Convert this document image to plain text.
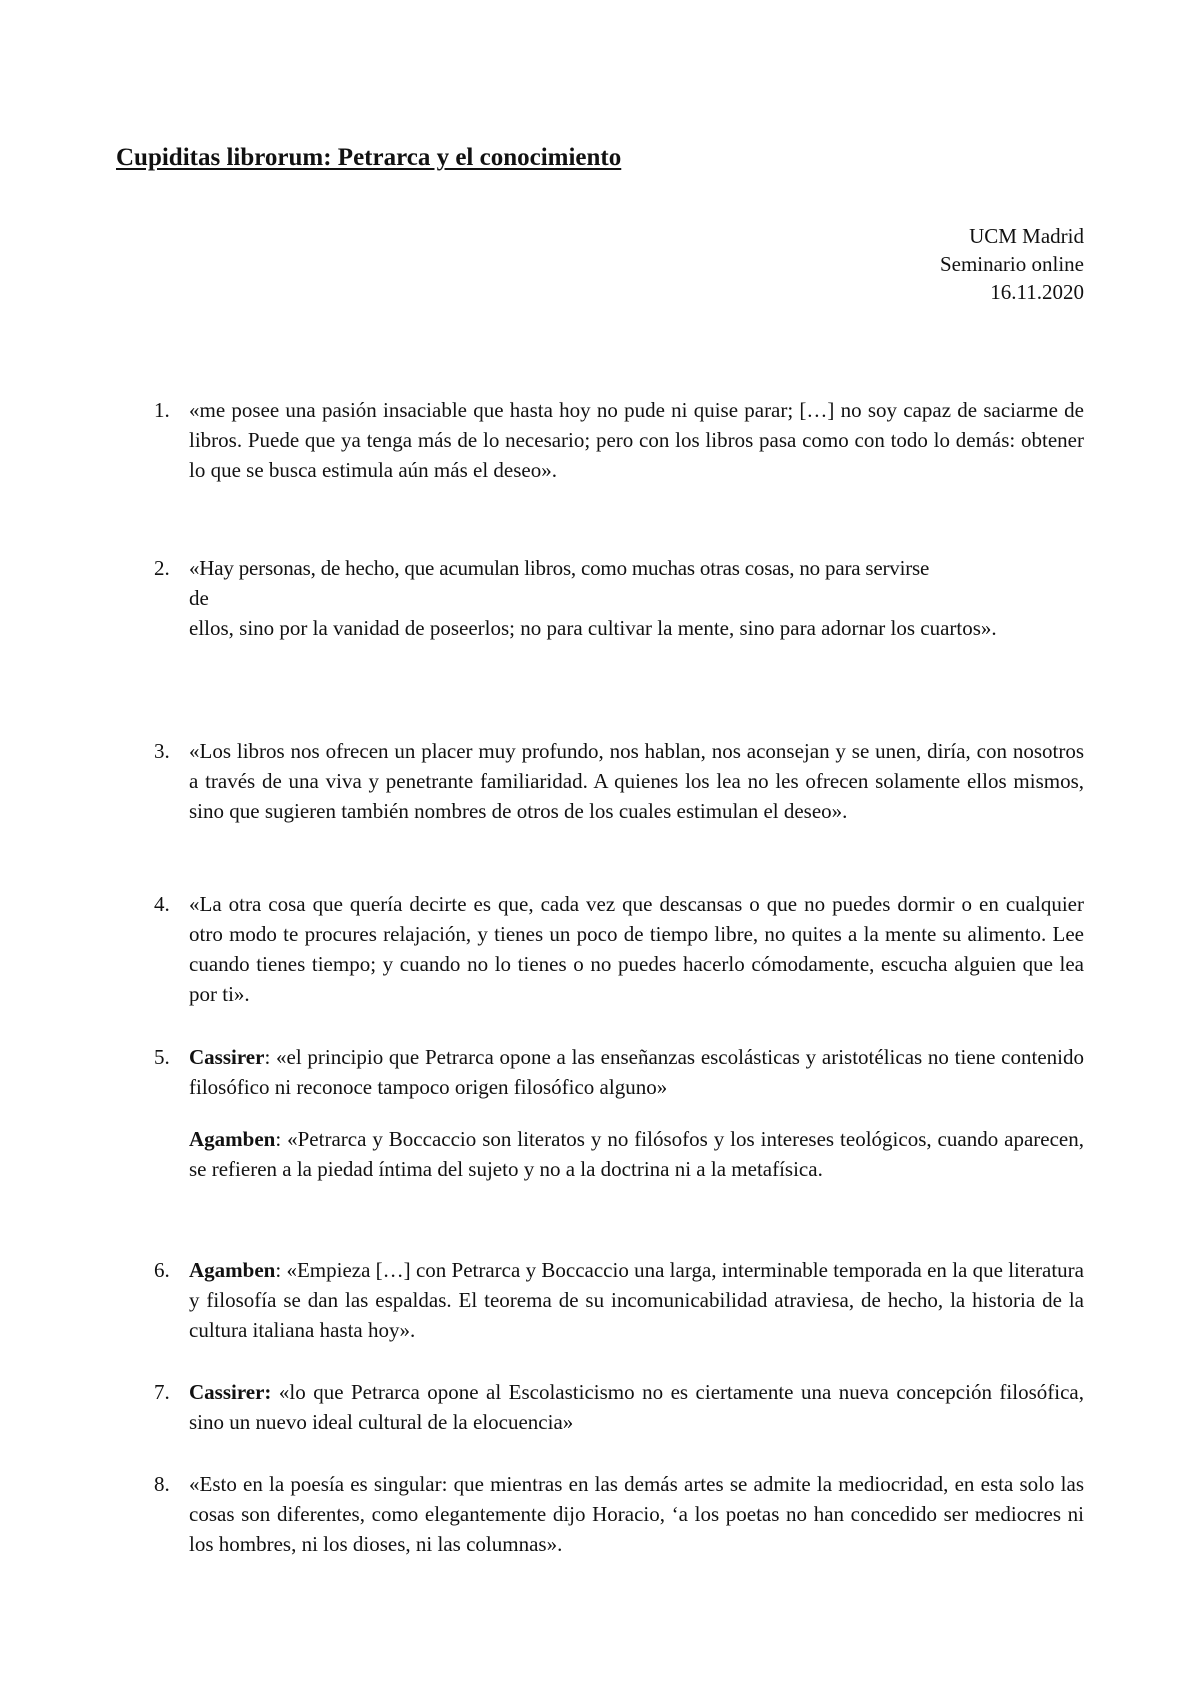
Cupiditas librorum: Petrarca y el conocimiento
UCM Madrid
Seminario online
16.11.2020
1. «me posee una pasión insaciable que hasta hoy no pude ni quise parar; […] no soy capaz de saciarme de libros. Puede que ya tenga más de lo necesario; pero con los libros pasa como con todo lo demás: obtener lo que se busca estimula aún más el deseo».

2. «Hay personas, de hecho, que acumulan libros, como muchas otras cosas, no para servirse
de

ellos, sino por la vanidad de poseerlos; no para cultivar la mente, sino para adornar los cuartos».

3. «Los libros nos ofrecen un placer muy profundo, nos hablan, nos aconsejan y se unen, diría, con nosotros a través de una viva y penetrante familiaridad. A quienes los lea no les ofrecen solamente ellos mismos, sino que sugieren también nombres de otros de los cuales estimulan el deseo».

4. «La otra cosa que quería decirte es que, cada vez que descansas o que no puedes dormir o en cualquier otro modo te procures relajación, y tienes un poco de tiempo libre, no quites a la mente su alimento. Lee cuando tienes tiempo; y cuando no lo tienes o no puedes hacerlo cómodamente, escucha alguien que lea por ti».

5. Cassirer: «el principio que Petrarca opone a las enseñanzas escolásticas y aristotélicas no tiene contenido filosófico ni reconoce tampoco origen filosófico alguno»

Agamben: «Petrarca y Boccaccio son literatos y no filósofos y los intereses teológicos, cuando aparecen, se refieren a la piedad íntima del sujeto y no a la doctrina ni a la metafísica.

6. Agamben: «Empieza […] con Petrarca y Boccaccio una larga, interminable temporada en la que literatura y filosofía se dan las espaldas. El teorema de su incomunicabilidad atraviesa, de hecho, la historia de la cultura italiana hasta hoy».

7. Cassirer: «lo que Petrarca opone al Escolasticismo no es ciertamente una nueva concepción filosófica, sino un nuevo ideal cultural de la elocuencia»

8. «Esto en la poesía es singular: que mientras en las demás artes se admite la mediocridad, en esta solo las cosas son diferentes, como elegantemente dijo Horacio, ‘a los poetas no han concedido ser mediocres ni los hombres, ni los dioses, ni las columnas».
